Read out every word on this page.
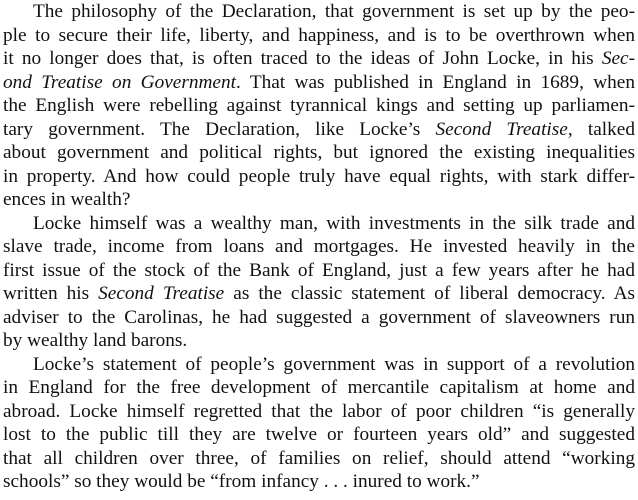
The philosophy of the Declaration, that government is set up by the peo-
ple to secure their life, liberty, and happiness, and is to be overthrown when
it no longer does that, is often traced to the ideas of John Locke, in his Sec-
ond Treatise on Government. That was published in England in 1689, when
the English were rebelling against tyrannical kings and setting up parliamen-
tary government. The Declaration, like Locke’s Second Treatise, talked
about government and political rights, but ignored the existing inequalities
in property. And how could people truly have equal rights, with stark differ-
ences in wealth?
Locke himself was a wealthy man, with investments in the silk trade and
slave trade, income from loans and mortgages. He invested heavily in the
first issue of the stock of the Bank of England, just a few years after he had
written his Second Treatise as the classic statement of liberal democracy. As
adviser to the Carolinas, he had suggested a government of slaveowners run
by wealthy land barons.
Locke’s statement of people’s government was in support of a revolution
in England for the free development of mercantile capitalism at home and
abroad. Locke himself regretted that the labor of poor children “is generally
lost to the public till they are twelve or fourteen years old” and suggested
that all children over three, of families on relief, should attend “working
schools” so they would be “from infancy . . . inured to work.”
